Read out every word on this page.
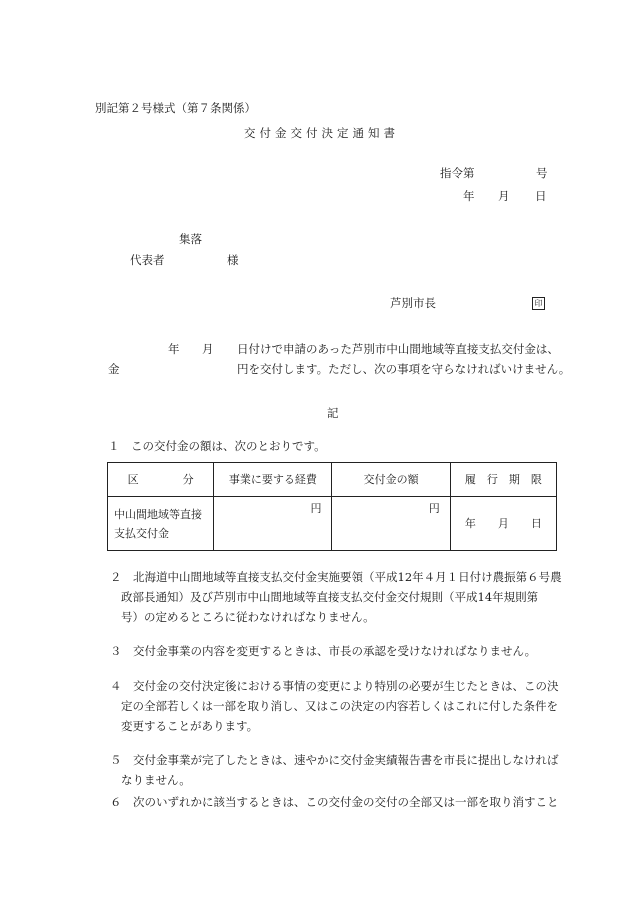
別記第２号様式（第７条関係）
交付金交付決定通知書
指令第	号
年 月 日
集落
代表者	様
芦別市長	印
年 月 日付けで申請のあった芦別市中山間地域等直接支払交付金は、
金	円を交付します。ただし、次の事項を守らなければいけません。
記
１　この交付金の額は、次のとおりです。
区　　　　分	事業に要する経費	交付金の額	履　行　期　限
中山間地域等直接
支払交付金	円	円	年 月 日
２　北海道中山間地域等直接支払交付金実施要領（平成12年４月１日付け農振第６号農
政部長通知）及び芦別市中山間地域等直接支払交付金交付規則（平成14年規則第
号）の定めるところに従わなければなりません。
３　交付金事業の内容を変更するときは、市長の承認を受けなければなりません。
４　交付金の交付決定後における事情の変更により特別の必要が生じたときは、この決
定の全部若しくは一部を取り消し、又はこの決定の内容若しくはこれに付した条件を
変更することがあります。
５　交付金事業が完了したときは、速やかに交付金実績報告書を市長に提出しなければ
なりません。
６　次のいずれかに該当するときは、この交付金の交付の全部又は一部を取り消すこと
